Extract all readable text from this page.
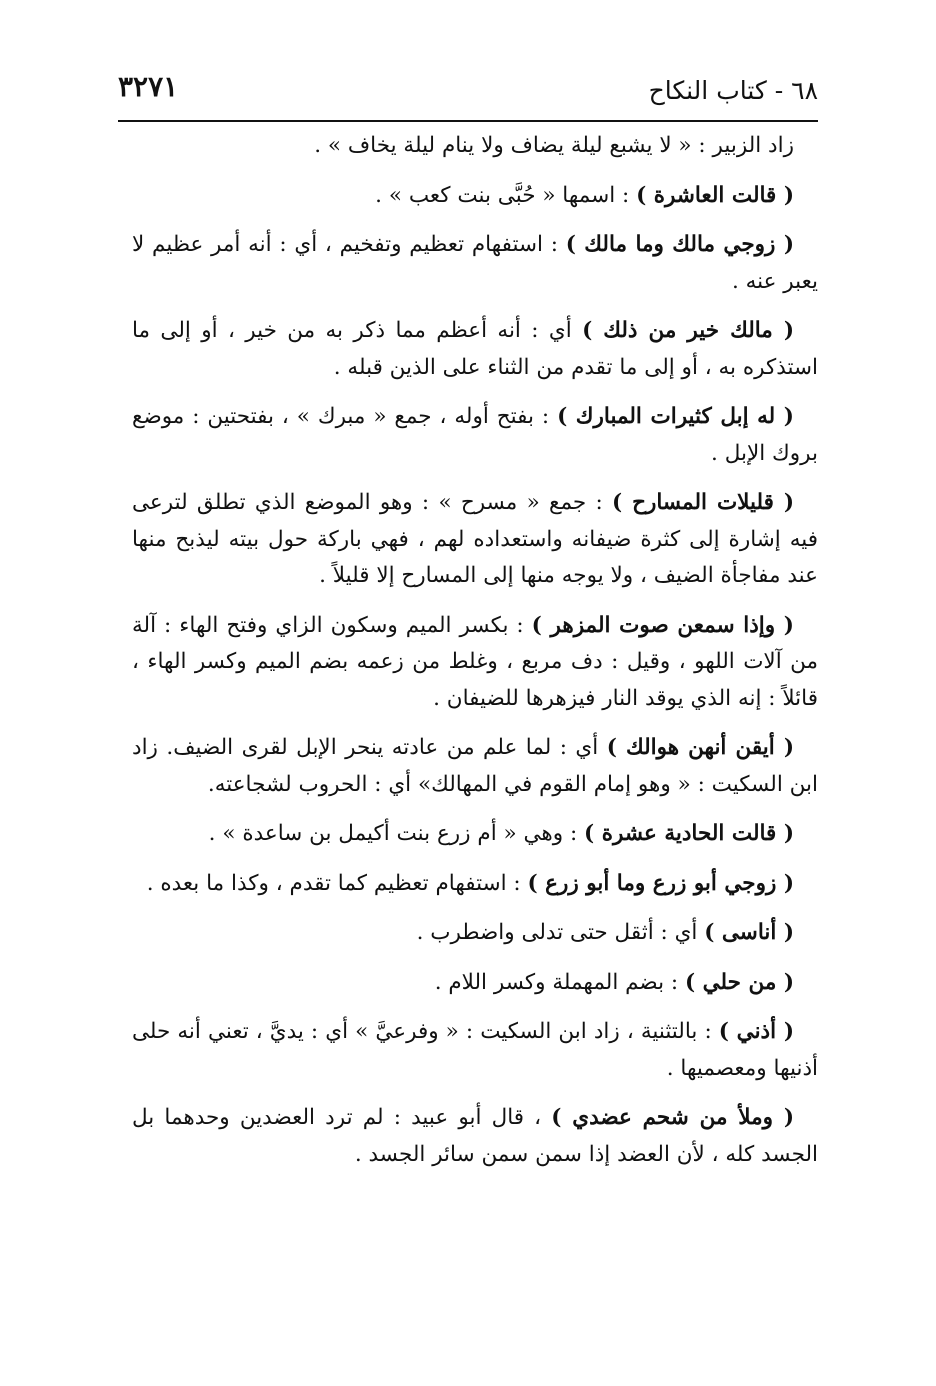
٣٢٧١	٦٨ - كتاب النكاح

زاد الزبير : « لا يشبع ليلة يضاف ولا ينام ليلة يخاف » .

( قالت العاشرة ) : اسمها « حُبَّى بنت كعب » .

( زوجي مالك وما مالك ) : استفهام تعظيم وتفخيم ، أي : أنه أمر عظيم لا يعبر عنه .

( مالك خير من ذلك ) أي : أنه أعظم مما ذكر به من خير ، أو إلى ما استذكره به ، أو إلى ما تقدم من الثناء على الذين قبله .

( له إبل كثيرات المبارك ) : بفتح أوله ، جمع « مبرك » ، بفتحتين : موضع بروك الإبل .

( قليلات المسارح ) : جمع « مسرح » : وهو الموضع الذي تطلق لترعى فيه إشارة إلى كثرة ضيفانه واستعداده لهم ، فهي باركة حول بيته ليذبح منها عند مفاجأة الضيف ، ولا يوجه منها إلى المسارح إلا قليلاً .

( وإذا سمعن صوت المزهر ) : بكسر الميم وسكون الزاي وفتح الهاء : آلة من آلات اللهو ، وقيل : دف مربع ، وغلط من زعمه بضم الميم وكسر الهاء ، قائلاً : إنه الذي يوقد النار فيزهرها للضيفان .

( أيقن أنهن هوالك ) أي : لما علم من عادته ينحر الإبل لقرى الضيف. زاد ابن السكيت : « وهو إمام القوم في المهالك» أي : الحروب لشجاعته.

( قالت الحادية عشرة ) : وهي « أم زرع بنت أكيمل بن ساعدة » .

( زوجي أبو زرع وما أبو زرع ) : استفهام تعظيم كما تقدم ، وكذا ما بعده .

( أناسى ) أي : أثقل حتى تدلى واضطرب .

( من حلي ) : بضم المهملة وكسر اللام .

( أذني ) : بالتثنية ، زاد ابن السكيت : « وفرعيَّ » أي : يديَّ ، تعني أنه حلى أذنيها ومعصميها .

( وملأ من شحم عضدي ) ، قال أبو عبيد : لم ترد العضدين وحدهما بل الجسد كله ، لأن العضد إذا سمن سمن سائر الجسد .
